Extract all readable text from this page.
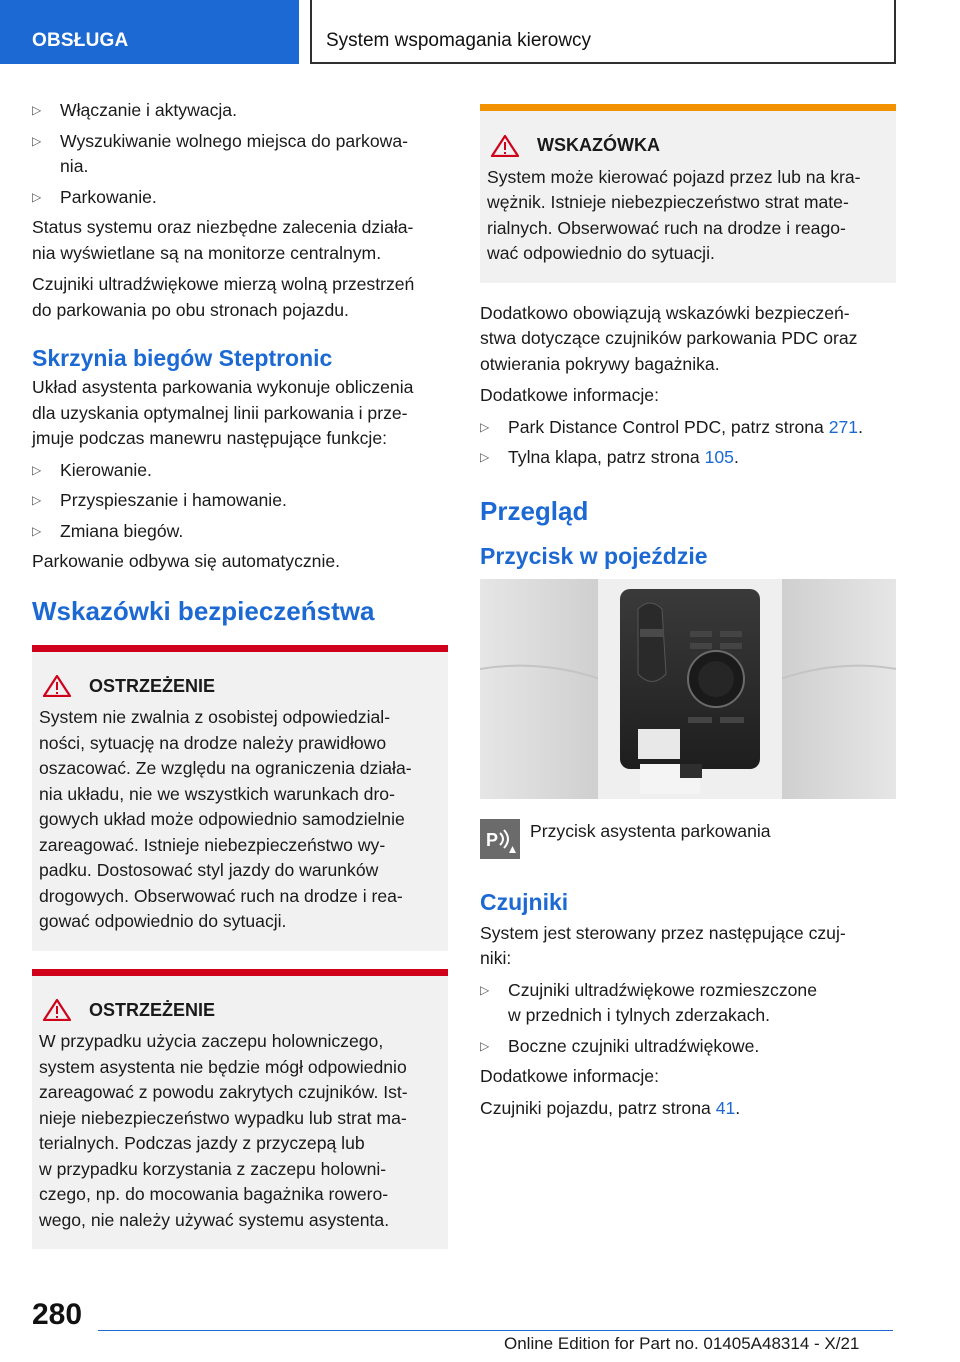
OBSŁUGA	System wspomagania kierowcy
▷ Włączanie i aktywacja.
▷ Wyszukiwanie wolnego miejsca do parkowa-
nia.
▷ Parkowanie.

Status systemu oraz niezbędne zalecenia działa-
nia wyświetlane są na monitorze centralnym.

Czujniki ultradźwiękowe mierzą wolną przestrzeń
do parkowania po obu stronach pojazdu.

Skrzynia biegów Steptronic

Układ asystenta parkowania wykonuje obliczenia
dla uzyskania optymalnej linii parkowania i prze-
jmuje podczas manewru następujące funkcje:

▷ Kierowanie.
▷ Przyspieszanie i hamowanie.
▷ Zmiana biegów.

Parkowanie odbywa się automatycznie.

Wskazówki bezpieczeństwa
OSTRZEŻENIE
System nie zwalnia z osobistej odpowiedzial-
ności, sytuację na drodze należy prawidłowo
oszacować. Ze względu na ograniczenia działa-
nia układu, nie we wszystkich warunkach dro-
gowych układ może odpowiednio samodzielnie
zareagować. Istnieje niebezpieczeństwo wy-
padku. Dostosować styl jazdy do warunków
drogowych. Obserwować ruch na drodze i rea-
gować odpowiednio do sytuacji.
OSTRZEŻENIE
W przypadku użycia zaczepu holowniczego,
system asystenta nie będzie mógł odpowiednio
zareagować z powodu zakrytych czujników. Ist-
nieje niebezpieczeństwo wypadku lub strat ma-
terialnych. Podczas jazdy z przyczepą lub
w przypadku korzystania z zaczepu holowni-
czego, np. do mocowania bagażnika rowero-
wego, nie należy używać systemu asystenta.
WSKAZÓWKA
System może kierować pojazd przez lub na kra-
wężnik. Istnieje niebezpieczeństwo strat mate-
rialnych. Obserwować ruch na drodze i reago-
wać odpowiednio do sytuacji.

Dodatkowo obowiązują wskazówki bezpieczeń-
stwa dotyczące czujników parkowania PDC oraz
otwierania pokrywy bagażnika.

Dodatkowe informacje:

▷ Park Distance Control PDC, patrz strona 271.
▷ Tylna klapa, patrz strona 105.
Przegląd
Przycisk w pojeździe
P Przycisk asystenta parkowania
Czujniki

System jest sterowany przez następujące czuj-
niki:

▷ Czujniki ultradźwiękowe rozmieszczone
w przednich i tylnych zderzakach.
▷ Boczne czujniki ultradźwiękowe.

Dodatkowe informacje:

Czujniki pojazdu, patrz strona 41.

280
Online Edition for Part no. 01405A48314 - X/21
